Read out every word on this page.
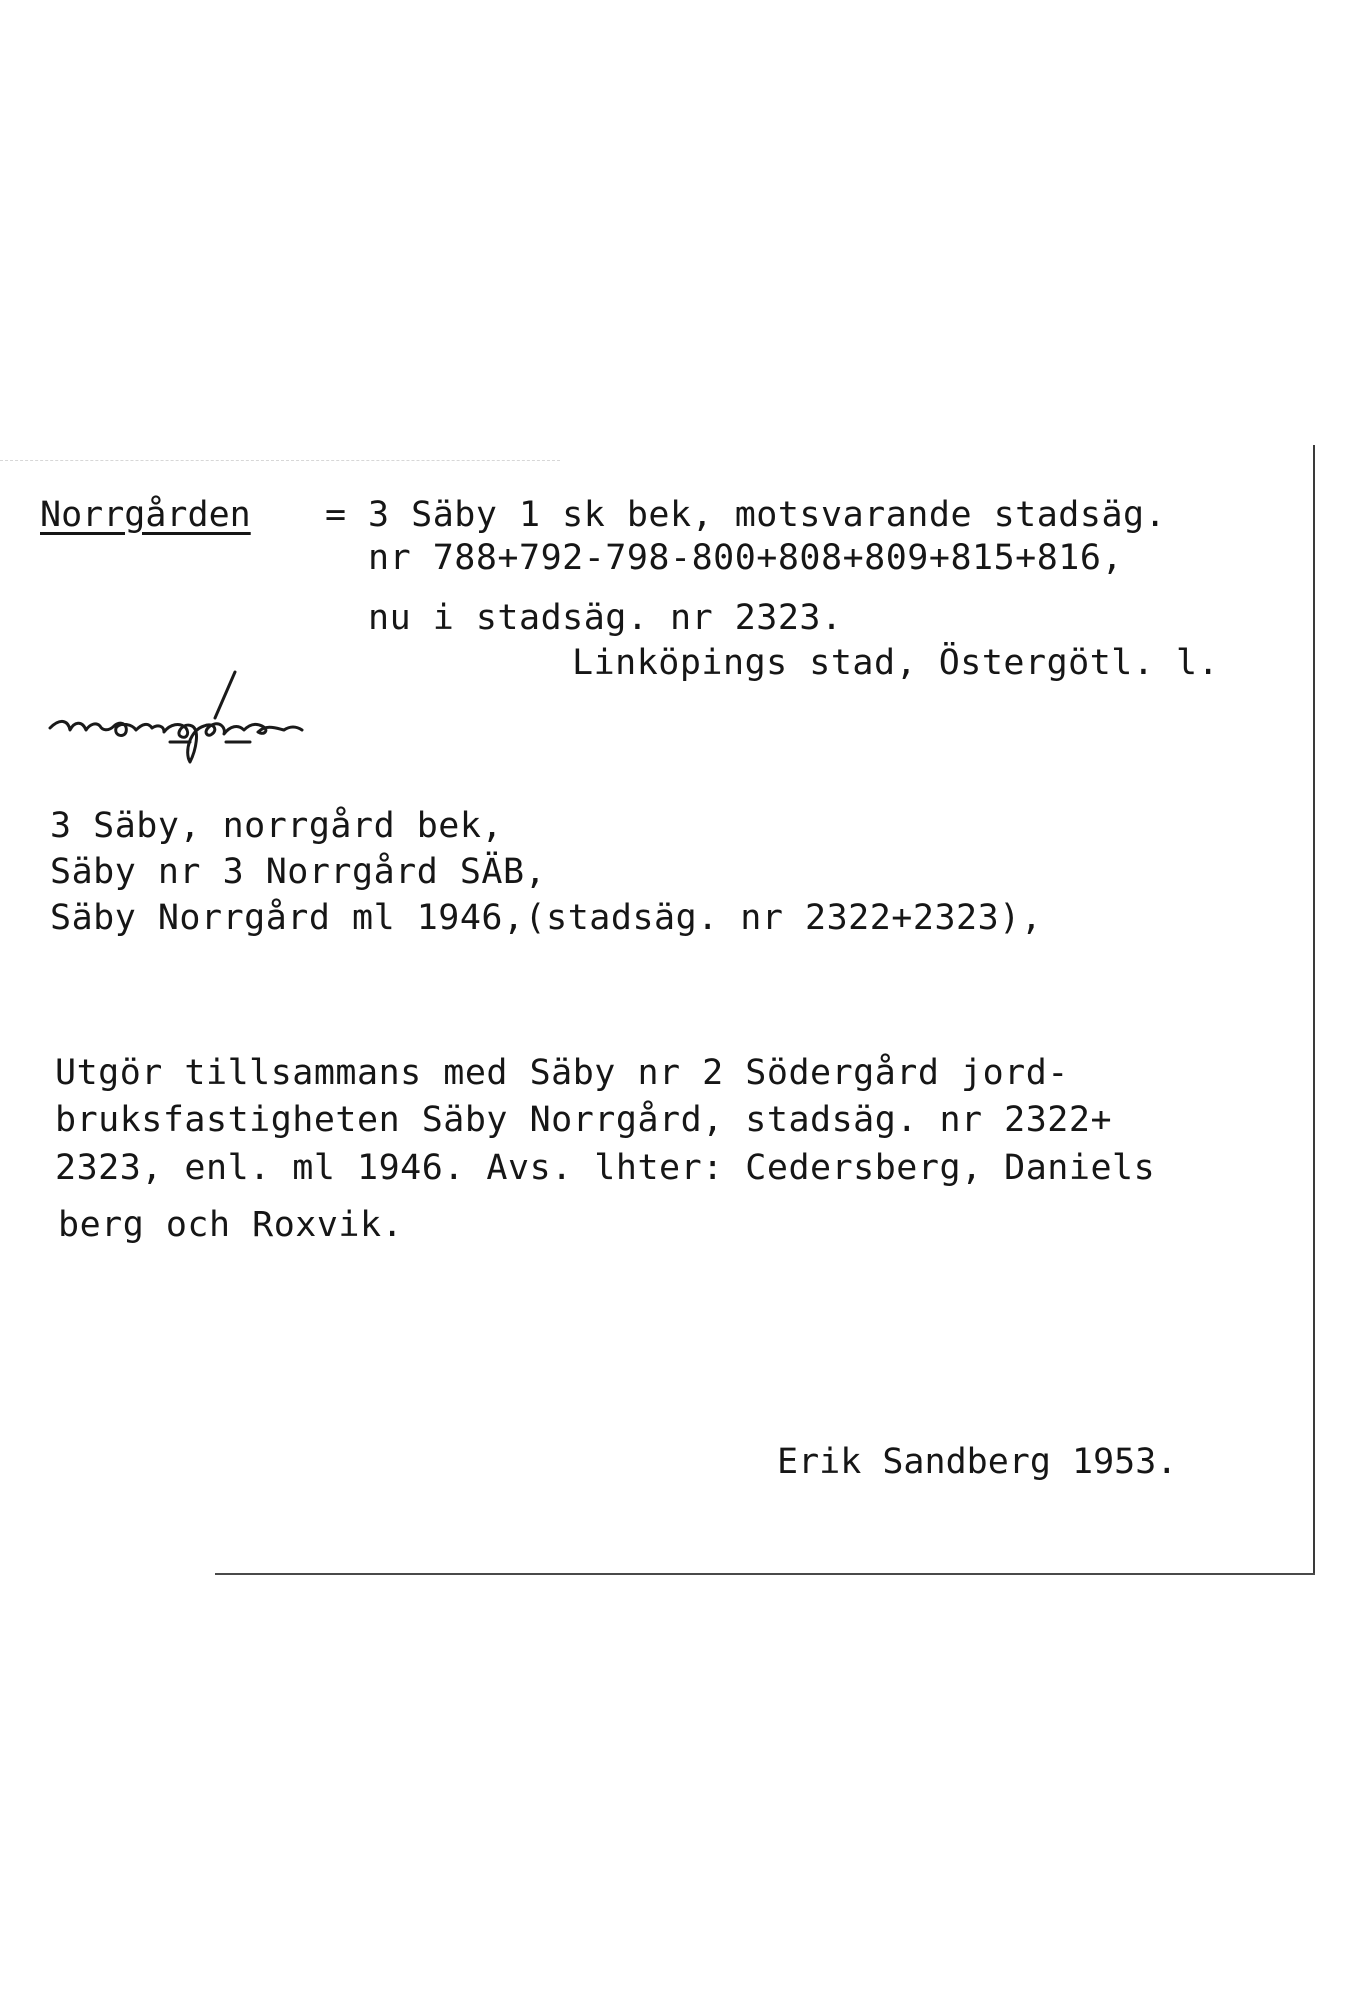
Norrgården = 3 Säby 1 sk bek, motsvarande stadsäg.
nr 788+792-798-800+808+809+815+816,
nu i stadsäg. nr 2323.
Linköpings stad, Östergötl. l.
3 Säby, norrgård bek,
Säby nr 3 Norrgård SÄB,
Säby Norrgård ml 1946,(stadsäg. nr 2322+2323),
Utgör tillsammans med Säby nr 2 Södergård jord-
bruksfastigheten Säby Norrgård, stadsäg. nr 2322+
2323, enl. ml 1946. Avs. lhter: Cedersberg, Daniels
berg och Roxvik.
Erik Sandberg 1953.
